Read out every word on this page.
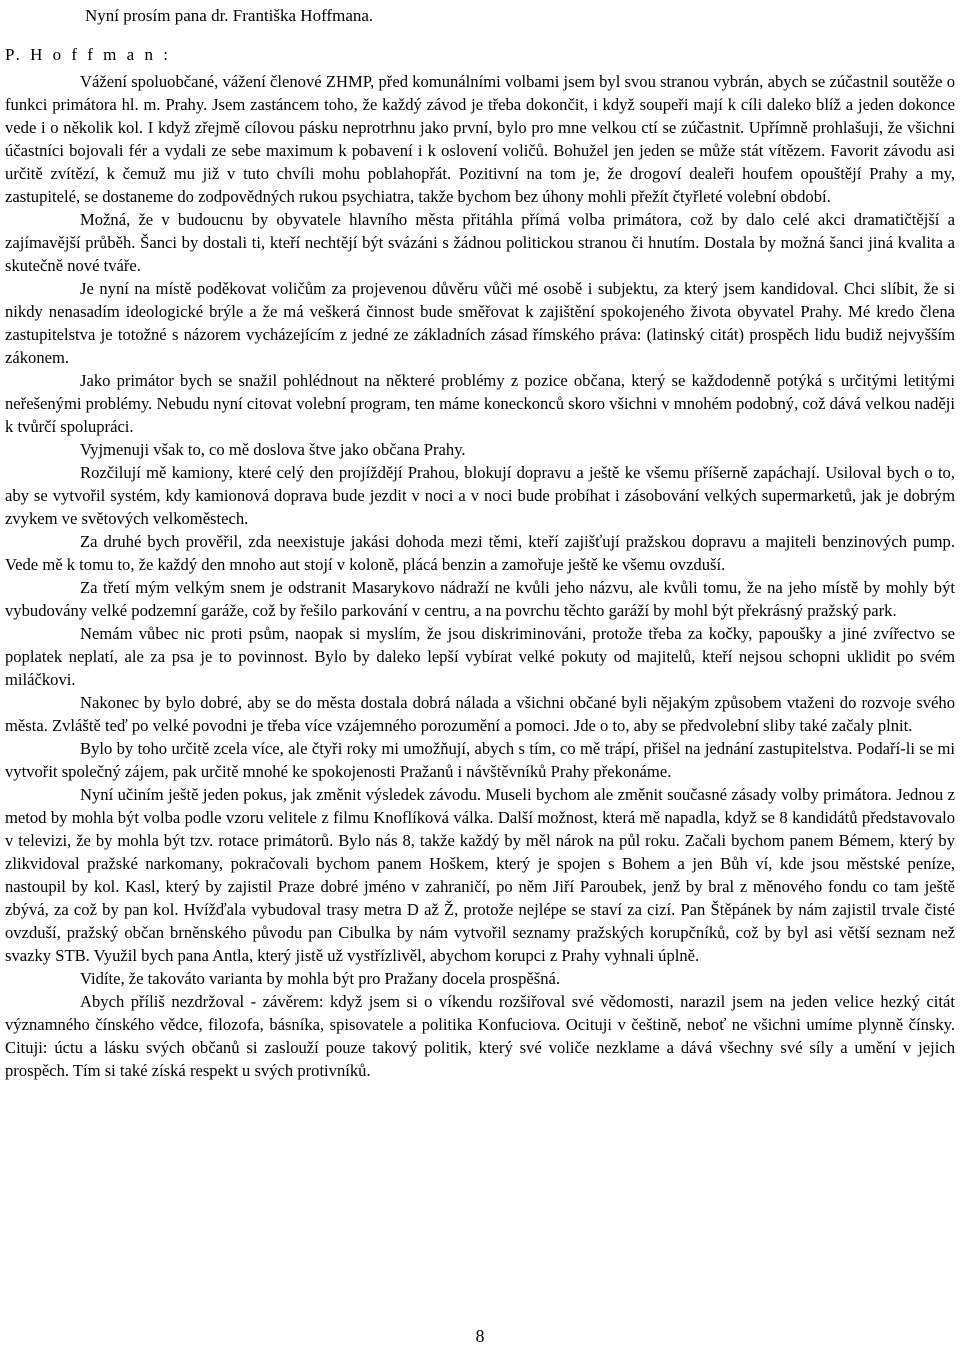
Nyní prosím pana dr. Františka Hoffmana.
P. H o f f m a n :

Vážení spoluobčané, vážení členové ZHMP, před komunálními volbami jsem byl svou stranou vybrán, abych se zúčastnil soutěže o funkci primátora hl. m. Prahy. Jsem zastáncem toho, že každý závod je třeba dokončit, i když soupeři mají k cíli daleko blíž a jeden dokonce vede i o několik kol. I když zřejmě cílovou pásku neprotrhnu jako první, bylo pro mne velkou ctí se zúčastnit. Upřímně prohlašuji, že všichni účastníci bojovali fér a vydali ze sebe maximum k pobavení i k oslovení voličů. Bohužel jen jeden se může stát vítězem. Favorit závodu asi určitě zvítězí, k čemuž mu již v tuto chvíli mohu poblahopřát. Pozitivní na tom je, že drogoví dealeři houfem opouštějí Prahy a my, zastupitelé, se dostaneme do zodpovědných rukou psychiatra, takže bychom bez úhony mohli přežít čtyřleté volební období.

Možná, že v budoucnu by obyvatele hlavního města přitáhla přímá volba primátora, což by dalo celé akci dramatičtější a zajímavější průběh. Šanci by dostali ti, kteří nechtějí být svázáni s žádnou politickou stranou či hnutím. Dostala by možná šanci jiná kvalita a skutečně nové tváře.

Je nyní na místě poděkovat voličům za projevenou důvěru vůči mé osobě i subjektu, za který jsem kandidoval. Chci slíbit, že si nikdy nenasadím ideologické brýle a že má veškerá činnost bude směřovat k zajištění spokojeného života obyvatel Prahy. Mé kredo člena zastupitelstva je totožné s názorem vycházejícím z jedné ze základních zásad římského práva: (latinský citát) prospěch lidu budiž nejvyšším zákonem.

Jako primátor bych se snažil pohlédnout na některé problémy z pozice občana, který se každodenně potýká s určitými letitými neřešenými problémy. Nebudu nyní citovat volební program, ten máme koneckonců skoro všichni v mnohém podobný, což dává velkou naději k tvůrčí spolupráci.

Vyjmenuji však to, co mě doslova štve jako občana Prahy.

Rozčilují mě kamiony, které celý den projíždějí Prahou, blokují dopravu a ještě ke všemu příšerně zapáchají. Usiloval bych o to, aby se vytvořil systém, kdy kamionová doprava bude jezdit v noci a v noci bude probíhat i zásobování velkých supermarketů, jak je dobrým zvykem ve světových velkoměstech.

Za druhé bych prověřil, zda neexistuje jakási dohoda mezi těmi, kteří zajišťují pražskou dopravu a majiteli benzinových pump. Vede mě k tomu to, že každý den mnoho aut stojí v koloně, plácá benzin a zamořuje ještě ke všemu ovzduší.

Za třetí mým velkým snem je odstranit Masarykovo nádraží ne kvůli jeho názvu, ale kvůli tomu, že na jeho místě by mohly být vybudovány velké podzemní garáže, což by řešilo parkování v centru, a na povrchu těchto garáží by mohl být překrásný pražský park.

Nemám vůbec nic proti psům, naopak si myslím, že jsou diskriminováni, protože třeba za kočky, papoušky a jiné zvířectvo se poplatek neplatí, ale za psa je to povinnost. Bylo by daleko lepší vybírat velké pokuty od majitelů, kteří nejsou schopni uklidit po svém miláčkovi.

Nakonec by bylo dobré, aby se do města dostala dobrá nálada a všichni občané byli nějakým způsobem vtaženi do rozvoje svého města. Zvláště teď po velké povodni je třeba více vzájemného porozumění a pomoci. Jde o to, aby se předvolební sliby také začaly plnit.

Bylo by toho určitě zcela více, ale čtyři roky mi umožňují, abych s tím, co mě trápí, přišel na jednání zastupitelstva. Podaří-li se mi vytvořit společný zájem, pak určitě mnohé ke spokojenosti Pražanů i návštěvníků Prahy překonáme.

Nyní učiním ještě jeden pokus, jak změnit výsledek závodu. Museli bychom ale změnit současné zásady volby primátora. Jednou z metod by mohla být volba podle vzoru velitele z filmu Knoflíková válka. Další možnost, která mě napadla, když se 8 kandidátů představovalo v televizi, že by mohla být tzv. rotace primátorů. Bylo nás 8, takže každý by měl nárok na půl roku. Začali bychom panem Bémem, který by zlikvidoval pražské narkomany, pokračovali bychom panem Hoškem, který je spojen s Bohem a jen Bůh ví, kde jsou městské peníze, nastoupil by kol. Kasl, který by zajistil Praze dobré jméno v zahraničí, po něm Jiří Paroubek, jenž by bral z měnového fondu co tam ještě zbývá, za což by pan kol. Hvížďala vybudoval trasy metra D až Ž, protože nejlépe se staví za cizí. Pan Štěpánek by nám zajistil trvale čisté ovzduší, pražský občan brněnského původu pan Cibulka by nám vytvořil seznamy pražských korupčníků, což by byl asi větší seznam než svazky STB. Využil bych pana Antla, který jistě už vystřízlivěl, abychom korupci z Prahy vyhnali úplně.

Vidíte, že takováto varianta by mohla být pro Pražany docela prospěšná.

Abych příliš nezdržoval - závěrem: když jsem si o víkendu rozšiřoval své vědomosti, narazil jsem na jeden velice hezký citát významného čínského vědce, filozofa, básníka, spisovatele a politika Konfuciova. Ocituji v češtině, neboť ne všichni umíme plynně čínsky. Cituji: úctu a lásku svých občanů si zaslouží pouze takový politik, který své voliče nezklame a dává všechny své síly a umění v jejich prospěch. Tím si také získá respekt u svých protivníků.

8
